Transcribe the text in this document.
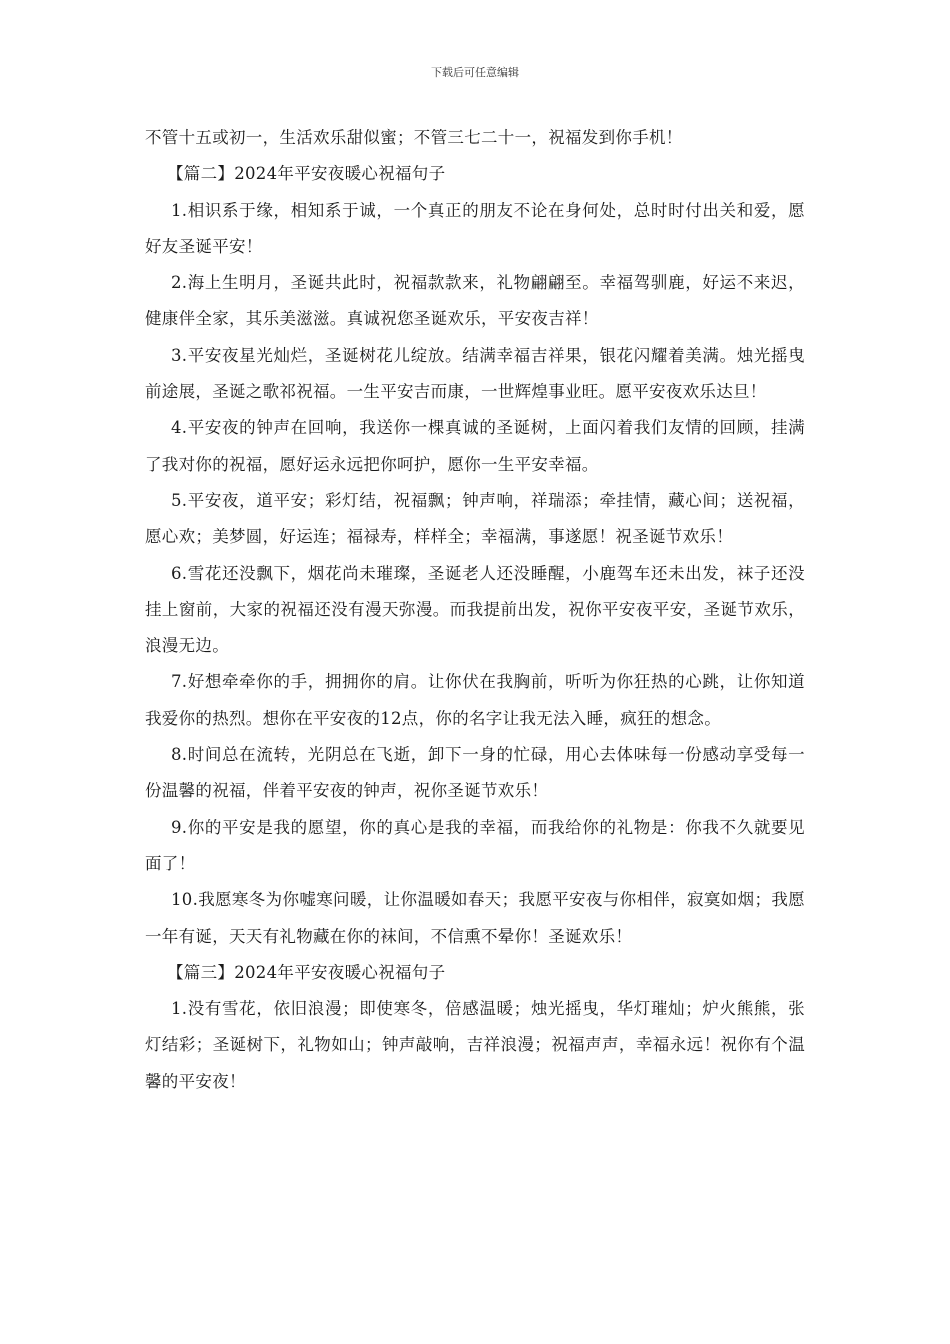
下载后可任意编辑

不管十五或初一，生活欢乐甜似蜜；不管三七二十一，祝福发到你手机！

【篇二】2024年平安夜暖心祝福句子

1.相识系于缘，相知系于诚，一个真正的朋友不论在身何处，总时时付出关和爱，愿好友圣诞平安！

2.海上生明月，圣诞共此时，祝福款款来，礼物翩翩至。幸福驾驯鹿，好运不来迟，健康伴全家，其乐美滋滋。真诚祝您圣诞欢乐，平安夜吉祥！

3.平安夜星光灿烂，圣诞树花儿绽放。结满幸福吉祥果，银花闪耀着美满。烛光摇曳前途展，圣诞之歌祁祝福。一生平安吉而康，一世辉煌事业旺。愿平安夜欢乐达旦！

4.平安夜的钟声在回响，我送你一棵真诚的圣诞树，上面闪着我们友情的回顾，挂满了我对你的祝福，愿好运永远把你呵护，愿你一生平安幸福。

5.平安夜，道平安；彩灯结，祝福飘；钟声响，祥瑞添；牵挂情，藏心间；送祝福，愿心欢；美梦圆，好运连；福禄寿，样样全；幸福满，事遂愿！祝圣诞节欢乐！

6.雪花还没飘下，烟花尚未璀璨，圣诞老人还没睡醒，小鹿驾车还未出发，袜子还没挂上窗前，大家的祝福还没有漫天弥漫。而我提前出发，祝你平安夜平安，圣诞节欢乐，浪漫无边。

7.好想牵牵你的手，拥拥你的肩。让你伏在我胸前，听听为你狂热的心跳，让你知道我爱你的热烈。想你在平安夜的12点，你的名字让我无法入睡，疯狂的想念。

8.时间总在流转，光阴总在飞逝，卸下一身的忙碌，用心去体味每一份感动享受每一份温馨的祝福，伴着平安夜的钟声，祝你圣诞节欢乐！

9.你的平安是我的愿望，你的真心是我的幸福，而我给你的礼物是：你我不久就要见面了！

10.我愿寒冬为你嘘寒问暖，让你温暖如春天；我愿平安夜与你相伴，寂寞如烟；我愿一年有诞，天天有礼物藏在你的袜间，不信熏不晕你！圣诞欢乐！

【篇三】2024年平安夜暖心祝福句子

1.没有雪花，依旧浪漫；即使寒冬，倍感温暖；烛光摇曳，华灯璀灿；炉火熊熊，张灯结彩；圣诞树下，礼物如山；钟声敲响，吉祥浪漫；祝福声声，幸福永远！祝你有个温馨的平安夜！
